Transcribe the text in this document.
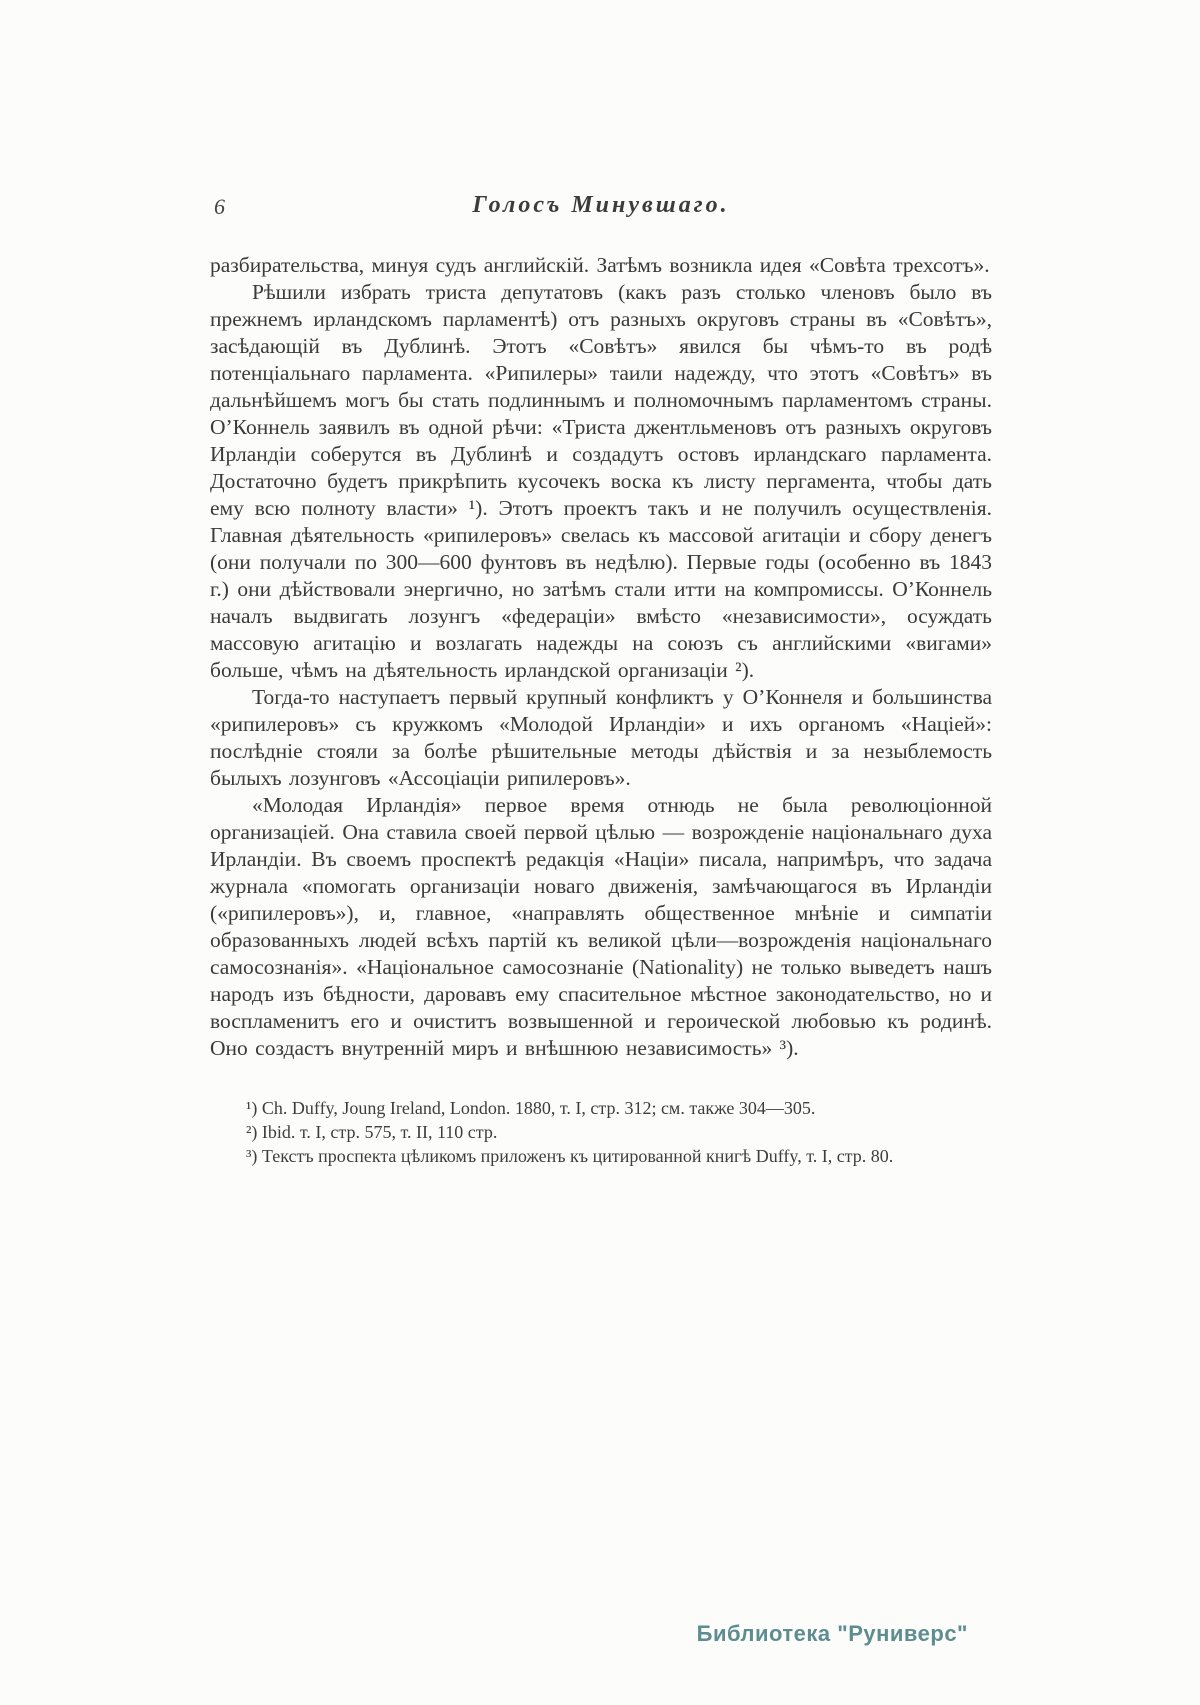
6	Голосъ Минувшаго.

разбирательства, минуя судъ английскій. Затѣмъ возникла идея «Совѣта трехсотъ».

Рѣшили избрать триста депутатовъ (какъ разъ столько членовъ было въ прежнемъ ирландскомъ парламентѣ) отъ разныхъ округовъ страны въ «Совѣтъ», засѣдающій въ Дублинѣ. Этотъ «Совѣтъ» явился бы чѣмъ-то въ родѣ потенціальнаго парламента. «Рипилеры» таили надежду, что этотъ «Совѣтъ» въ дальнѣйшемъ могъ бы стать подлиннымъ и полномочнымъ парламентомъ страны. О’Коннель заявилъ въ одной рѣчи: «Триста джентльменовъ отъ разныхъ округовъ Ирландіи соберутся въ Дублинѣ и создадутъ остовъ ирландскаго парламента. Достаточно будетъ прикрѣпить кусочекъ воска къ листу пергамента, чтобы дать ему всю полноту власти» ¹). Этотъ проектъ такъ и не получилъ осуществленія. Главная дѣятельность «рипилеровъ» свелась къ массовой агитаціи и сбору денегъ (они получали по 300—600 фунтовъ въ недѣлю). Первые годы (особенно въ 1843 г.) они дѣйствовали энергично, но затѣмъ стали итти на компромиссы. О’Коннель началъ выдвигать лозунгъ «федераціи» вмѣсто «независимости», осуждать массовую агитацію и возлагать надежды на союзъ съ английскими «вигами» больше, чѣмъ на дѣятельность ирландской организаціи ²).

Тогда-то наступаетъ первый крупный конфликтъ у О’Коннеля и большинства «рипилеровъ» съ кружкомъ «Молодой Ирландіи» и ихъ органомъ «Націей»: послѣдніе стояли за болѣе рѣшительные методы дѣйствія и за незыблемость былыхъ лозунговъ «Ассоціаціи рипилеровъ».

«Молодая Ирландія» первое время отнюдь не была революціонной организаціей. Она ставила своей первой цѣлью — возрожденіе національнаго духа Ирландіи. Въ своемъ проспектѣ редакція «Націи» писала, напримѣръ, что задача журнала «помогать организаціи новаго движенія, замѣчающагося въ Ирландіи («рипилеровъ»), и, главное, «направлять общественное мнѣніе и симпатіи образованныхъ людей всѣхъ партій къ великой цѣли—возрожденія національнаго самосознанія». «Національное самосознаніе (Nationality) не только выведетъ нашъ народъ изъ бѣдности, даровавъ ему спасительное мѣстное законодательство, но и воспламенитъ его и очиститъ возвышенной и героической любовью къ родинѣ. Оно создастъ внутренній миръ и внѣшнюю независимость» ³).

¹) Ch. Duffy, Joung Ireland, London. 1880, т. I, стр. 312; см. также 304—305.

²) Ibid. т. I, стр. 575, т. II, 110 стр.

³) Текстъ проспекта цѣликомъ приложенъ къ цитированной книгѣ Duffy, т. I, стр. 80.

Библиотека "Руниверс"
